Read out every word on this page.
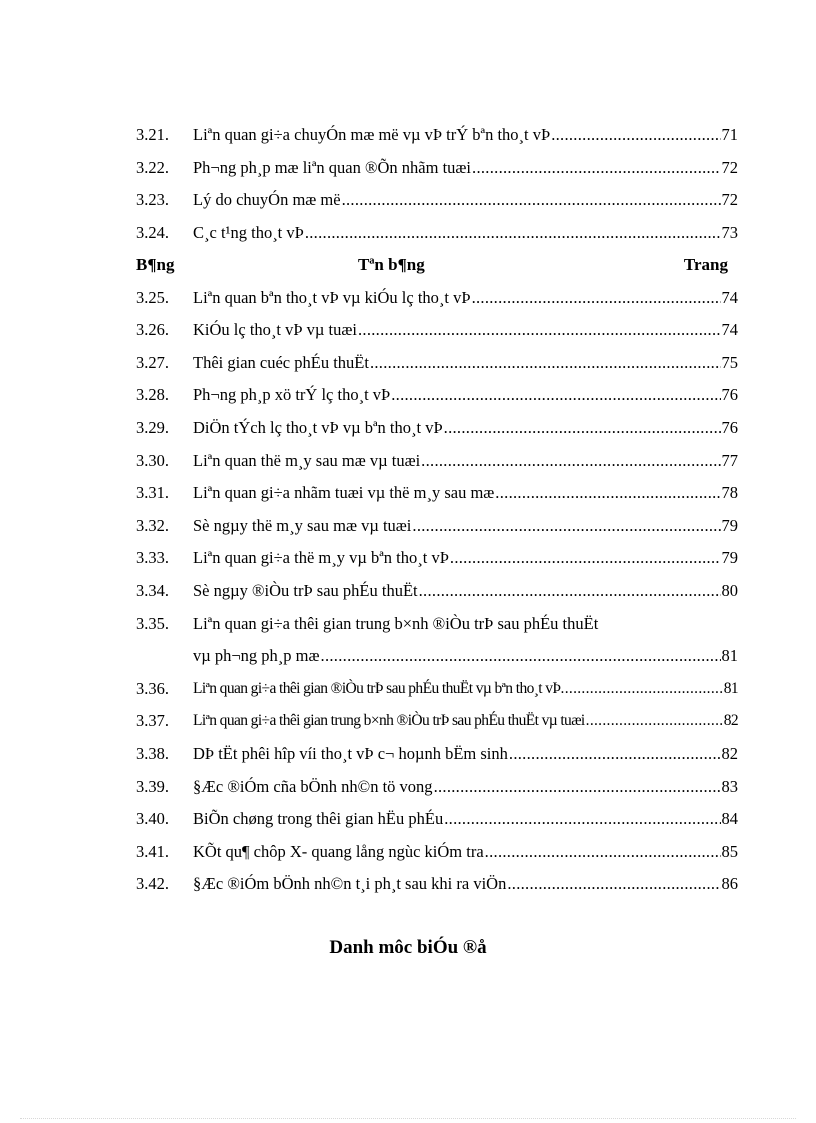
3.21.	Liªn quan gi÷a chuyÓn mæ më vµ vÞ trÝ bªn tho¸t vÞ .....	71
3.22.	Ph¬ng ph¸p mæ liªn quan ®Õn nhãm tuæi .....	72
3.23.	Lý do chuyÓn mæ më .....	72
3.24.	C¸c t¹ng tho¸t vÞ .....	73
B¶ng	Tªn b¶ng	Trang
3.25.	Liªn quan bªn tho¸t vÞ vµ kiÓu lç tho¸t vÞ .....	74
3.26.	KiÓu lç tho¸t vÞ vµ tuæi .....	74
3.27.	Thêi gian cuéc phÉu thuËt .....	75
3.28.	Ph¬ng ph¸p xö trÝ lç tho¸t vÞ .....	76
3.29.	DiÖn tÝch lç tho¸t vÞ vµ bªn tho¸t vÞ .....	76
3.30.	Liªn quan thë m¸y sau mæ vµ tuæi .....	77
3.31.	Liªn quan gi÷a nhãm tuæi vµ thë m¸y sau mæ .....	78
3.32.	Sè ngµy thë m¸y sau mæ vµ tuæi .....	79
3.33.	Liªn quan gi÷a thë m¸y vµ bªn tho¸t vÞ .....	79
3.34.	Sè ngµy ®iÒu trÞ sau phÉu thuËt .....	80
3.35.	Liªn quan gi÷a thêi gian trung b×nh ®iÒu trÞ sau phÉu thuËt
vµ ph¬ng ph¸p mæ .....	81
3.36.	Liªn quan gi÷a thêi gian ®iÒu trÞ sau phÉu thuËt vµ bªn tho¸t vÞ. .....	81
3.37.	Liªn quan gi÷a thêi gian trung b×nh ®iÒu trÞ sau phÉu thuËt vµ tuæi .....	82
3.38.	DÞ tËt phêi hîp víi tho¸t vÞ c¬ hoµnh bËm sinh .....	82
3.39.	§Æc ®iÓm cña bÖnh nh©n tö vong .....	83
3.40.	BiÕn chøng trong thêi gian hËu phÉu .....	84
3.41.	KÕt qu¶ chôp X- quang lång ngùc kiÓm tra .....	85
3.42.	§Æc ®iÓm bÖnh nh©n t¸i ph¸t sau khi ra viÖn .....	86
Danh môc biÓu ®å
